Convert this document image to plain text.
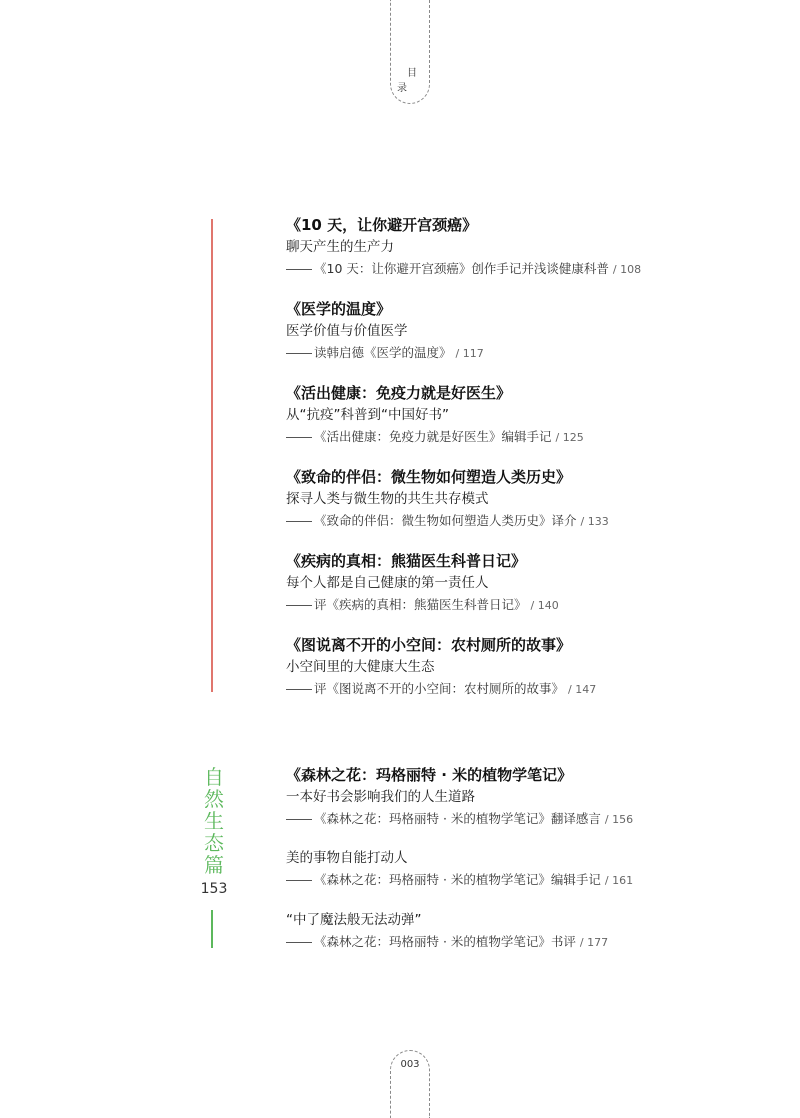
目录
《10 天，让你避开宫颈癌》
聊天产生的生产力
《10 天：让你避开宫颈癌》创作手记并浅谈健康科普 / 108
《医学的温度》
医学价值与价值医学
读韩启德《医学的温度》 / 117
《活出健康：免疫力就是好医生》
从“抗疫”科普到“中国好书”
《活出健康：免疫力就是好医生》编辑手记 / 125
《致命的伴侣：微生物如何塑造人类历史》
探寻人类与微生物的共生共存模式
《致命的伴侣：微生物如何塑造人类历史》译介 / 133
《疾病的真相：熊猫医生科普日记》
每个人都是自己健康的第一责任人
评《疾病的真相：熊猫医生科普日记》 / 140
《图说离不开的小空间：农村厕所的故事》
小空间里的大健康大生态
评《图说离不开的小空间：农村厕所的故事》 / 147
自然生态篇
153
《森林之花：玛格丽特 · 米的植物学笔记》
一本好书会影响我们的人生道路
《森林之花：玛格丽特 · 米的植物学笔记》翻译感言 / 156
美的事物自能打动人
《森林之花：玛格丽特 · 米的植物学笔记》编辑手记 / 161
“中了魔法般无法动弹”
《森林之花：玛格丽特 · 米的植物学笔记》书评 / 177
003
